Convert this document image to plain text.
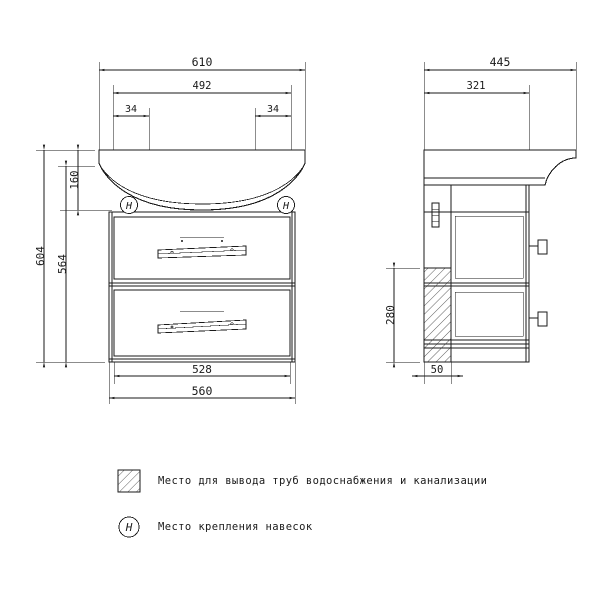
610
492
34	34
160
604 564
528
560
445
321
280
50
H	H
H
Место для вывода труб водоснабжения и канализации
Место крепления навесок
